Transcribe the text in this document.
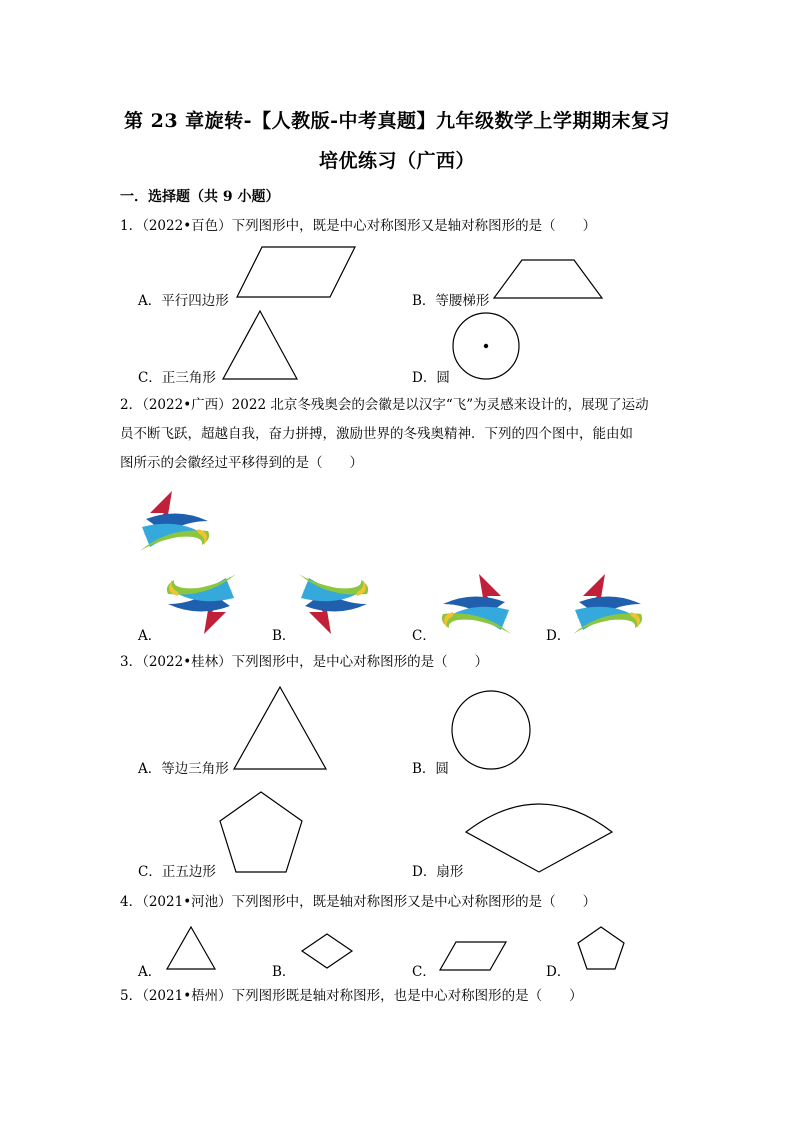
第 23 章旋转-【人教版-中考真题】九年级数学上学期期末复习
培优练习（广西）
一．选择题（共 9 小题）
1．（2022•百色）下列图形中，既是中心对称图形又是轴对称图形的是（　　）
A．平行四边形	B．等腰梯形
C．正三角形	D．圆
2．（2022•广西）2022 北京冬残奥会的会徽是以汉字“飞”为灵感来设计的，展现了运动
员不断飞跃，超越自我，奋力拼搏，激励世界的冬残奥精神．下列的四个图中，能由如
图所示的会徽经过平移得到的是（　　）
A．	B．	C．	D．
3．（2022•桂林）下列图形中，是中心对称图形的是（　　）
A．等边三角形	B．圆
C．正五边形	D．扇形
4．（2021•河池）下列图形中，既是轴对称图形又是中心对称图形的是（　　）
A．	B．	C．	D．
5．（2021•梧州）下列图形既是轴对称图形，也是中心对称图形的是（　　）
